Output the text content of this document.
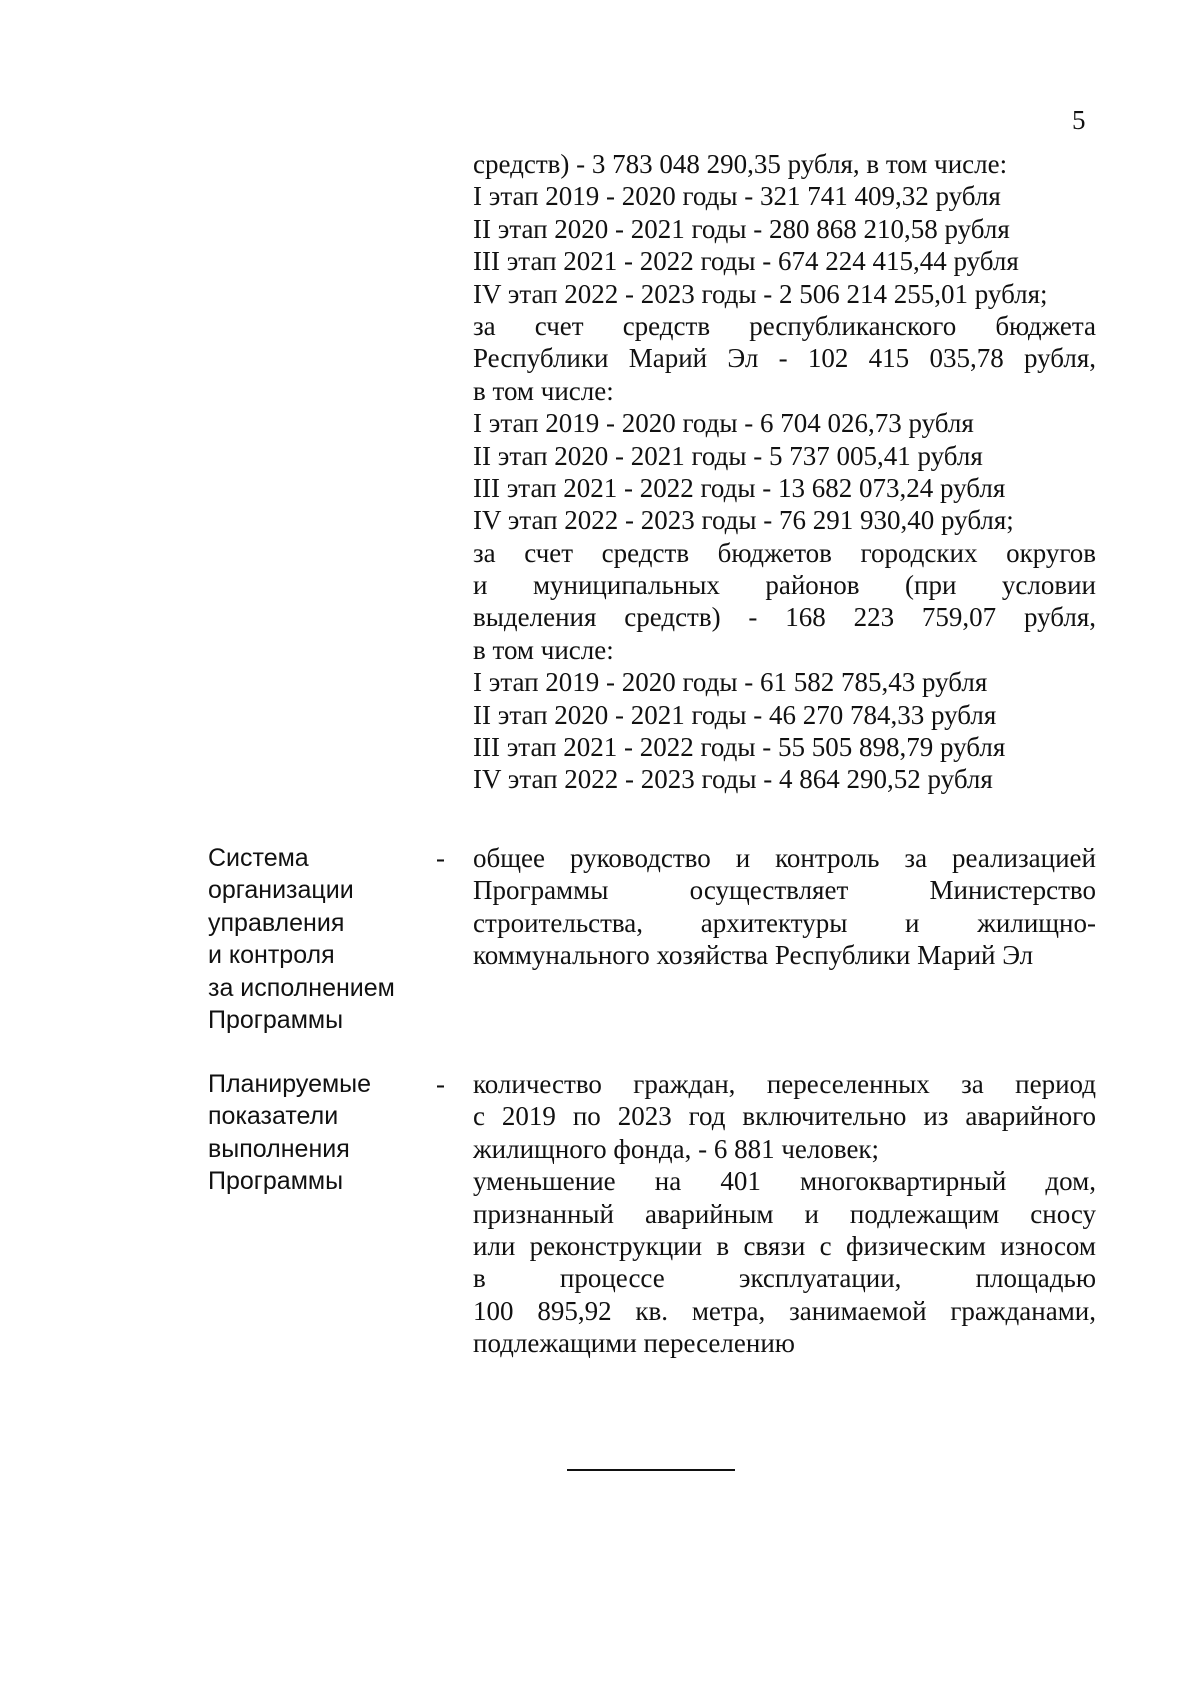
5
средств) - 3 783 048 290,35 рубля, в том числе:
I этап 2019 - 2020 годы - 321 741 409,32 рубля
II этап 2020 - 2021 годы - 280 868 210,58 рубля
III этап 2021 - 2022 годы - 674 224 415,44 рубля
IV этап 2022 - 2023 годы - 2 506 214 255,01 рубля;
за счет средств республиканского бюджета
Республики Марий Эл - 102 415 035,78 рубля,
в том числе:
I этап 2019 - 2020 годы - 6 704 026,73 рубля
II этап 2020 - 2021 годы - 5 737 005,41 рубля
III этап 2021 - 2022 годы - 13 682 073,24 рубля
IV этап 2022 - 2023 годы - 76 291 930,40 рубля;
за счет средств бюджетов городских округов
и муниципальных районов (при условии
выделения средств) - 168 223 759,07 рубля,
в том числе:
I этап 2019 - 2020 годы - 61 582 785,43 рубля
II этап 2020 - 2021 годы - 46 270 784,33 рубля
III этап 2021 - 2022 годы - 55 505 898,79 рубля
IV этап 2022 - 2023 годы - 4 864 290,52 рубля
Система
организации
управления
и контроля
за исполнением
Программы
- общее руководство и контроль за реализацией
Программы осуществляет Министерство
строительства, архитектуры и жилищно-
коммунального хозяйства Республики Марий Эл
Планируемые
показатели
выполнения
Программы
- количество граждан, переселенных за период
с 2019 по 2023 год включительно из аварийного
жилищного фонда, - 6 881 человек;
уменьшение на 401 многоквартирный дом,
признанный аварийным и подлежащим сносу
или реконструкции в связи с физическим износом
в процессе эксплуатации, площадью
100 895,92 кв. метра, занимаемой гражданами,
подлежащими переселению
